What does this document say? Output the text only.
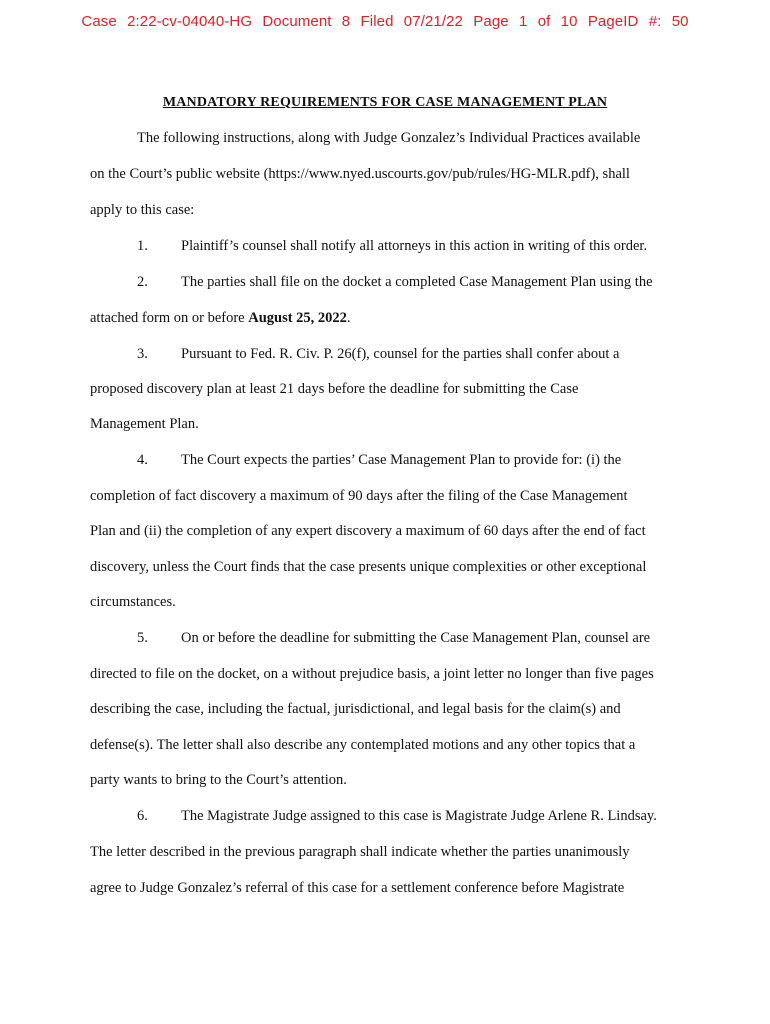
Case 2:22-cv-04040-HG Document 8 Filed 07/21/22 Page 1 of 10 PageID #: 50
MANDATORY REQUIREMENTS FOR CASE MANAGEMENT PLAN
The following instructions, along with Judge Gonzalez’s Individual Practices available
on the Court’s public website (https://www.nyed.uscourts.gov/pub/rules/HG-MLR.pdf), shall
apply to this case:
1. Plaintiff’s counsel shall notify all attorneys in this action in writing of this order.
2. The parties shall file on the docket a completed Case Management Plan using the
attached form on or before August 25, 2022.
3. Pursuant to Fed. R. Civ. P. 26(f), counsel for the parties shall confer about a
proposed discovery plan at least 21 days before the deadline for submitting the Case
Management Plan.
4. The Court expects the parties’ Case Management Plan to provide for: (i) the
completion of fact discovery a maximum of 90 days after the filing of the Case Management
Plan and (ii) the completion of any expert discovery a maximum of 60 days after the end of fact
discovery, unless the Court finds that the case presents unique complexities or other exceptional
circumstances.
5. On or before the deadline for submitting the Case Management Plan, counsel are
directed to file on the docket, on a without prejudice basis, a joint letter no longer than five pages
describing the case, including the factual, jurisdictional, and legal basis for the claim(s) and
defense(s). The letter shall also describe any contemplated motions and any other topics that a
party wants to bring to the Court’s attention.
6. The Magistrate Judge assigned to this case is Magistrate Judge Arlene R. Lindsay.
The letter described in the previous paragraph shall indicate whether the parties unanimously
agree to Judge Gonzalez’s referral of this case for a settlement conference before Magistrate
